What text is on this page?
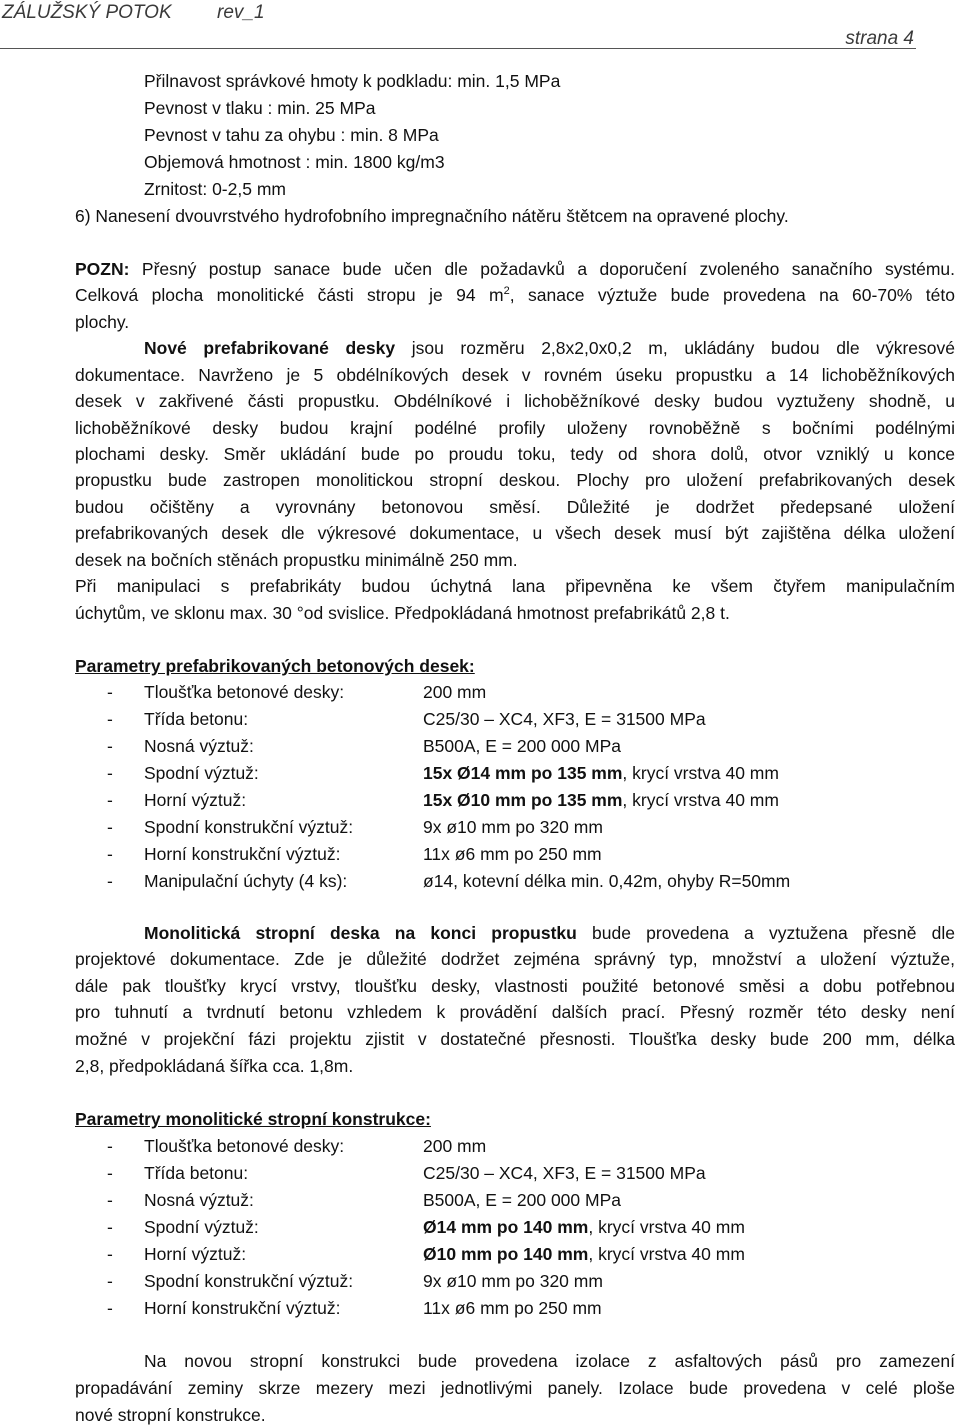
ZÁLUŽSKÝ POTOK rev_1
strana 4
Přilnavost správkové hmoty k podkladu: min. 1,5 MPa
Pevnost v tlaku : min. 25 MPa
Pevnost v tahu za ohybu : min. 8 MPa
Objemová hmotnost : min. 1800 kg/m3
Zrnitost: 0-2,5 mm
6) Nanesení dvouvrstvého hydrofobního impregnačního nátěru štětcem na opravené plochy.
POZN: Přesný postup sanace bude učen dle požadavků a doporučení zvoleného sanačního systému.
Celková plocha monolitické části stropu je 94 $m^2$, sanace výztuže bude provedena na 60-70% této
plochy.
Nové prefabrikované desky jsou rozměru 2,8x2,0x0,2 m, ukládány budou dle výkresové
dokumentace. Navrženo je 5 obdélníkových desek v rovném úseku propustku a 14 lichoběžníkových
desek v zakřivené části propustku. Obdélníkové i lichoběžníkové desky budou vyztuženy shodně, u
lichoběžníkové desky budou krajní podélné profily uloženy rovnoběžně s bočními podélnými
plochami desky. Směr ukládání bude po proudu toku, tedy od shora dolů, otvor vzniklý u konce
propustku bude zastropen monolitickou stropní deskou. Plochy pro uložení prefabrikovaných desek
budou očištěny a vyrovnány betonovou směsí. Důležité je dodržet předepsané uložení
prefabrikovaných desek dle výkresové dokumentace, u všech desek musí být zajištěna délka uložení
desek na bočních stěnách propustku minimálně 250 mm.
Při manipulaci s prefabrikáty budou úchytná lana připevněna ke všem čtyřem manipulačním
úchytům, ve sklonu max. 30 °od svislice. Předpokládaná hmotnost prefabrikátů 2,8 t.
Parametry prefabrikovaných betonových desek:
- Tloušťka betonové desky:	200 mm
- Třída betonu:	C25/30 – XC4, XF3, E = 31500 MPa
- Nosná výztuž:	B500A, E = 200 000 MPa
- Spodní výztuž:	15x Ø14 mm po 135 mm, krycí vrstva 40 mm
- Horní výztuž:	15x Ø10 mm po 135 mm, krycí vrstva 40 mm
- Spodní konstrukční výztuž:	9x ø10 mm po 320 mm
- Horní konstrukční výztuž:	11x ø6 mm po 250 mm
- Manipulační úchyty (4 ks):	ø14, kotevní délka min. 0,42m, ohyby R=50mm
Monolitická stropní deska na konci propustku bude provedena a vyztužena přesně dle
projektové dokumentace. Zde je důležité dodržet zejména správný typ, množství a uložení výztuže,
dále pak tloušťky krycí vrstvy, tloušťku desky, vlastnosti použité betonové směsi a dobu potřebnou
pro tuhnutí a tvrdnutí betonu vzhledem k provádění dalších prací. Přesný rozměr této desky není
možné v projekční fázi projektu zjistit v dostatečné přesnosti. Tloušťka desky bude 200 mm, délka
2,8, předpokládaná šířka cca. 1,8m.
Parametry monolitické stropní konstrukce:
- Tloušťka betonové desky:	200 mm
- Třída betonu:	C25/30 – XC4, XF3, E = 31500 MPa
- Nosná výztuž:	B500A, E = 200 000 MPa
- Spodní výztuž:	Ø14 mm po 140 mm, krycí vrstva 40 mm
- Horní výztuž:	Ø10 mm po 140 mm, krycí vrstva 40 mm
- Spodní konstrukční výztuž:	9x ø10 mm po 320 mm
- Horní konstrukční výztuž:	11x ø6 mm po 250 mm
Na novou stropní konstrukci bude provedena izolace z asfaltových pásů pro zamezení
propadávání zeminy skrze mezery mezi jednotlivými panely. Izolace bude provedena v celé ploše
nové stropní konstrukce.
